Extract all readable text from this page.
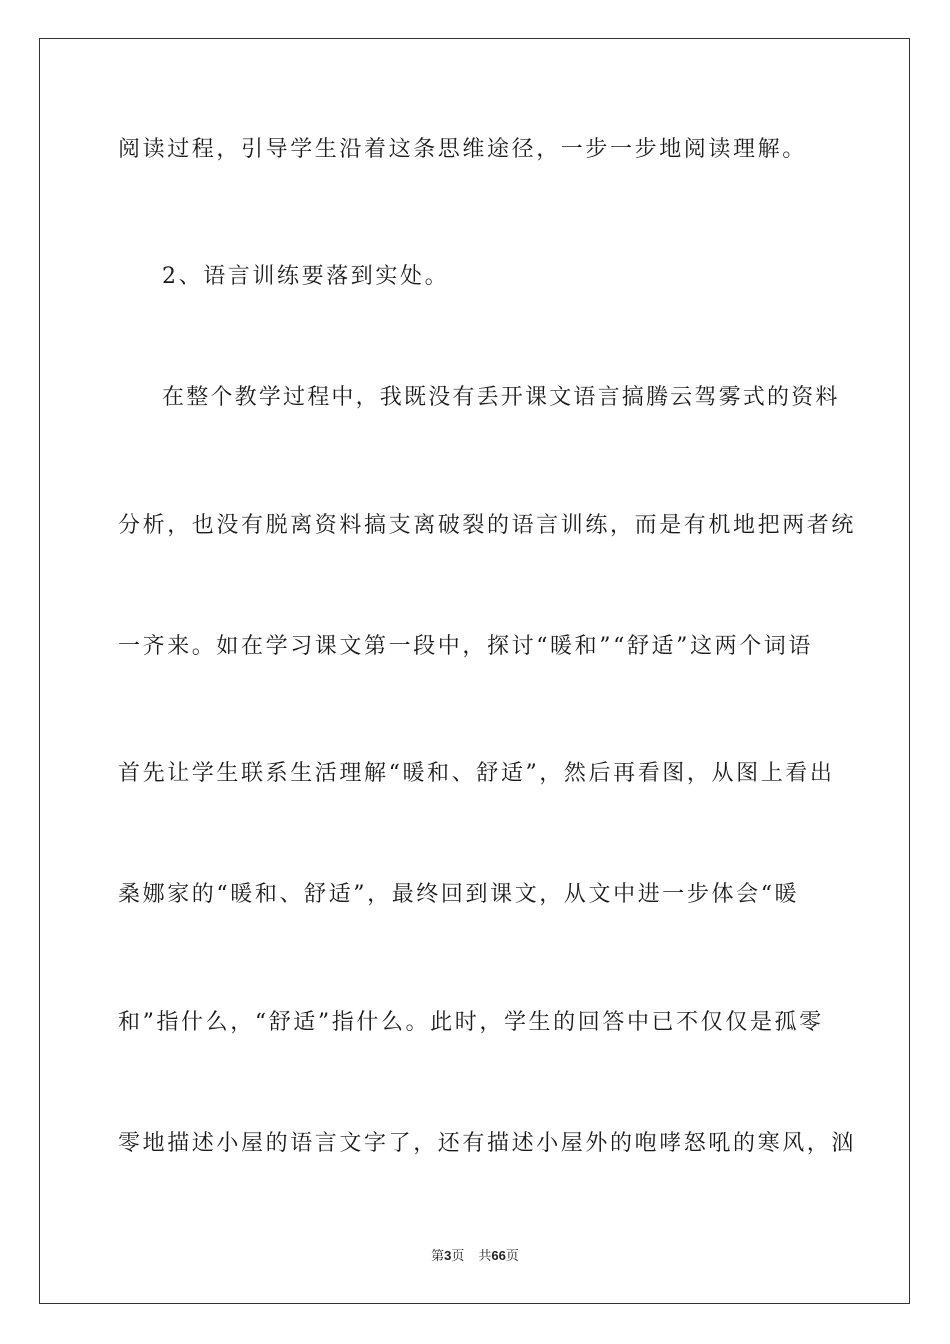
阅读过程，引导学生沿着这条思维途径，一步一步地阅读理解。
2、语言训练要落到实处。
在整个教学过程中，我既没有丢开课文语言搞腾云驾雾式的资料
分析，也没有脱离资料搞支离破裂的语言训练，而是有机地把两者统
一齐来。如在学习课文第一段中，探讨“暖和”“舒适”这两个词语
首先让学生联系生活理解“暖和、舒适”，然后再看图，从图上看出
桑娜家的“暖和、舒适”，最终回到课文，从文中进一步体会“暖
和”指什么，“舒适”指什么。此时，学生的回答中已不仅仅是孤零
零地描述小屋的语言文字了，还有描述小屋外的咆哮怒吼的寒风，汹
第3页 共66页
